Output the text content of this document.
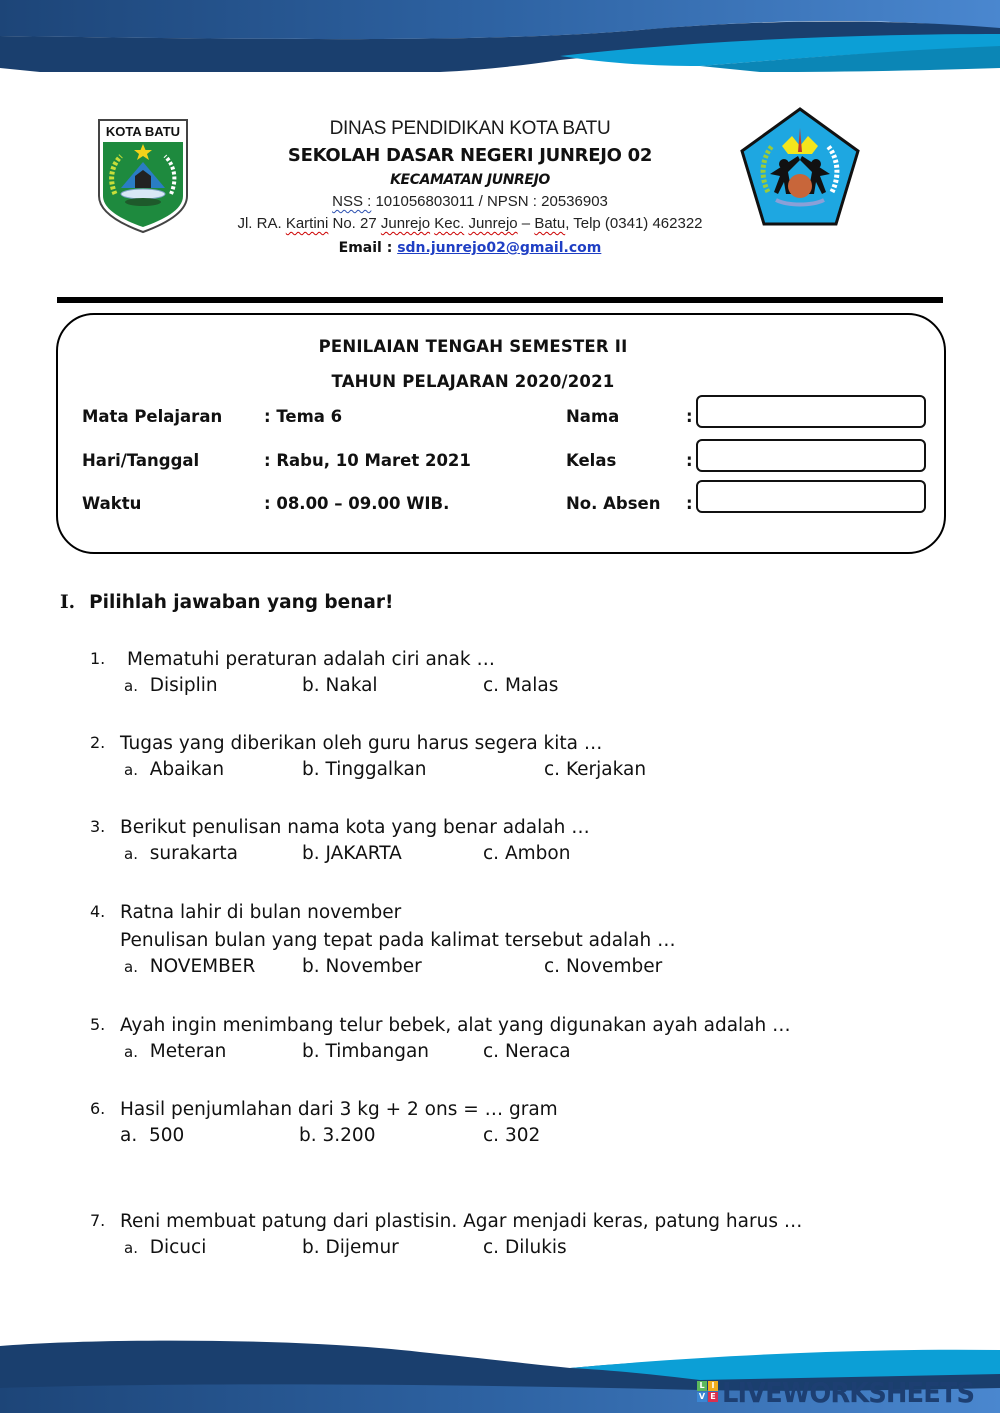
KOTA BATU	DINAS PENDIDIKAN KOTA BATU
SEKOLAH DASAR NEGERI JUNREJO 02
KECAMATAN JUNREJO
NSS : 101056803011 / NPSN : 20536903
Jl. RA. Kartini No. 27 Junrejo Kec. Junrejo – Batu, Telp (0341) 462322
Email : sdn.junrejo02@gmail.com
PENILAIAN TENGAH SEMESTER II
TAHUN PELAJARAN 2020/2021
Mata Pelajaran	: Tema 6	Nama	:
Hari/Tanggal	: Rabu, 10 Maret 2021	Kelas	:
Waktu	: 08.00 – 09.00 WIB.	No. Absen :
I. Pilihlah jawaban yang benar!
1. Mematuhi peraturan adalah ciri anak …
a. Disiplin	b. Nakal	c. Malas
2. Tugas yang diberikan oleh guru harus segera kita …
a. Abaikan	b. Tinggalkan	c. Kerjakan
3. Berikut penulisan nama kota yang benar adalah …
a. surakarta	b. JAKARTA	c. Ambon
4. Ratna lahir di bulan november
Penulisan bulan yang tepat pada kalimat tersebut adalah …
a. NOVEMBER	b. November	c. November
5. Ayah ingin menimbang telur bebek, alat yang digunakan ayah adalah …
a. Meteran	b. Timbangan	c. Neraca
6. Hasil penjumlahan dari 3 kg + 2 ons = … gram
a. 500	b. 3.200	c. 302
7. Reni membuat patung dari plastisin. Agar menjadi keras, patung harus …
a. Dicuci	b. Dijemur	c. Dilukis
L I
V E LIVEWORKSHEETS
